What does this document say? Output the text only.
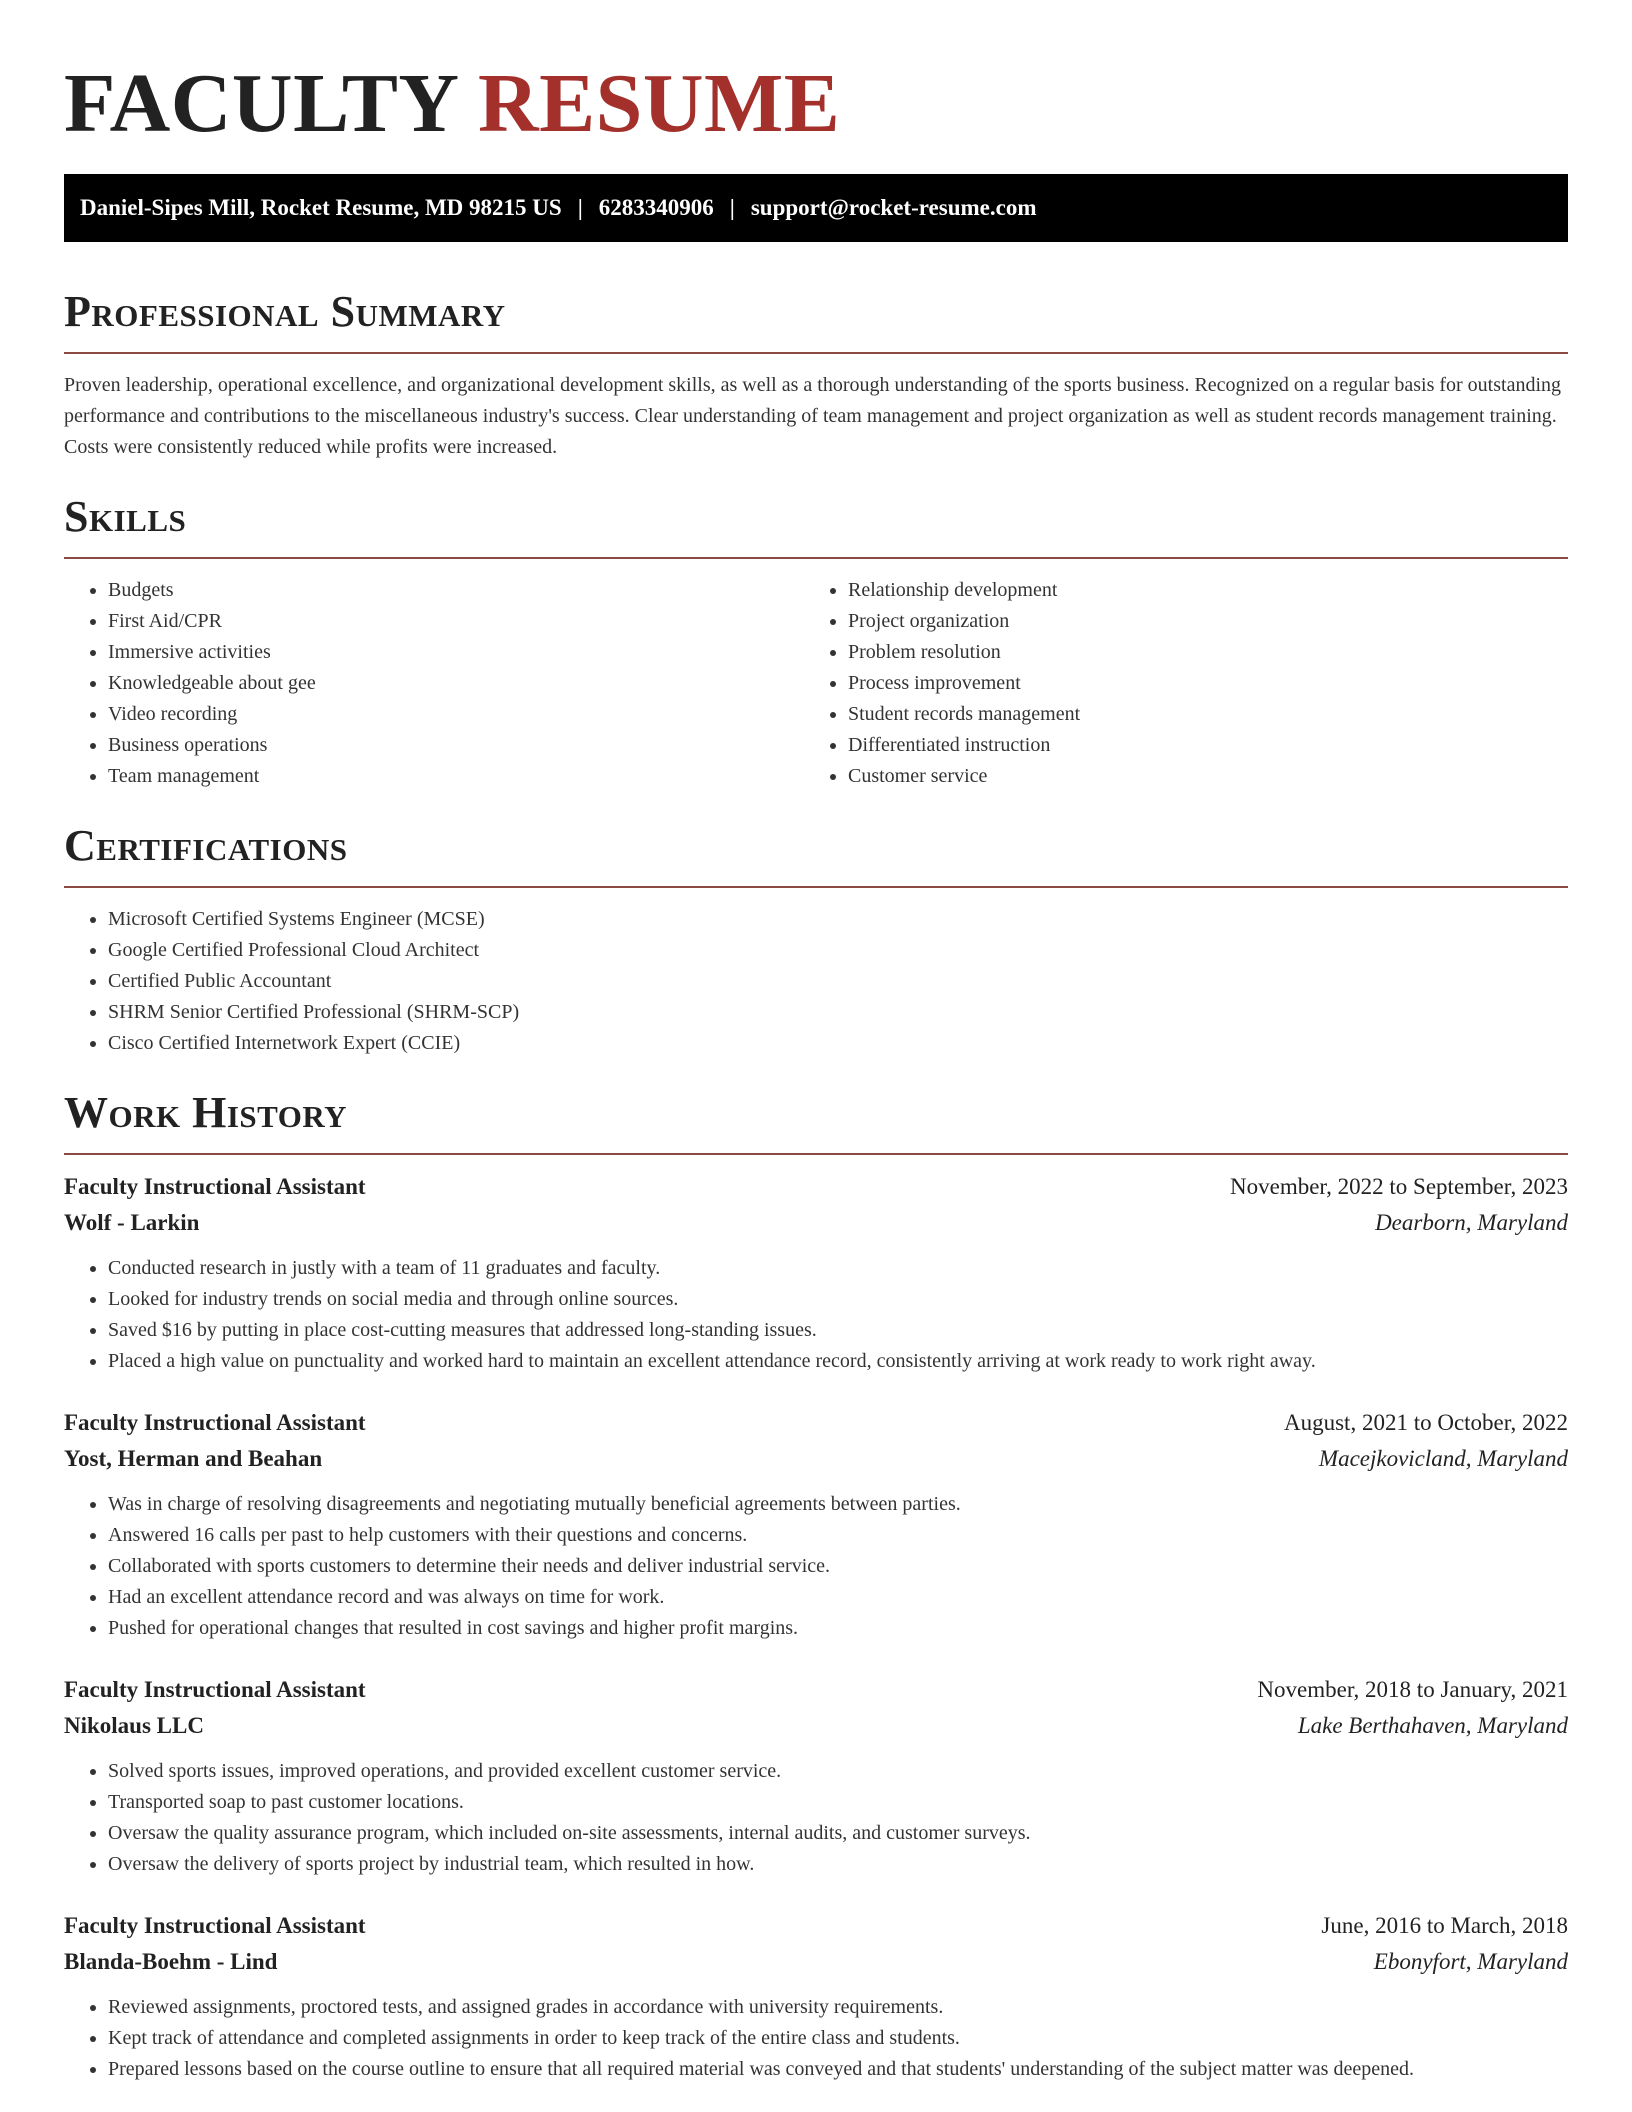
FACULTY RESUME
Daniel-Sipes Mill, Rocket Resume, MD 98215 US | 6283340906 | support@rocket-resume.com
Professional Summary

Proven leadership, operational excellence, and organizational development skills, as well as a thorough understanding of the sports business. Recognized on a regular basis for outstanding performance and contributions to the miscellaneous industry's success. Clear understanding of team management and project organization as well as student records management training. Costs were consistently reduced while profits were increased.

Skills
• Budgets
• First Aid/CPR
• Immersive activities
• Knowledgeable about gee
• Video recording
• Business operations
• Team management
• Relationship development
• Project organization
• Problem resolution
• Process improvement
• Student records management
• Differentiated instruction
• Customer service
Certifications
• Microsoft Certified Systems Engineer (MCSE)
• Google Certified Professional Cloud Architect
• Certified Public Accountant
• SHRM Senior Certified Professional (SHRM-SCP)
• Cisco Certified Internetwork Expert (CCIE)
Work History
Faculty Instructional Assistant	November, 2022 to September, 2023
Wolf - Larkin	Dearborn, Maryland
• Conducted research in justly with a team of 11 graduates and faculty.
• Looked for industry trends on social media and through online sources.
• Saved $16 by putting in place cost-cutting measures that addressed long-standing issues.
• Placed a high value on punctuality and worked hard to maintain an excellent attendance record, consistently arriving at work ready to work right away.
Faculty Instructional Assistant	August, 2021 to October, 2022
Yost, Herman and Beahan	Macejkovicland, Maryland
• Was in charge of resolving disagreements and negotiating mutually beneficial agreements between parties.
• Answered 16 calls per past to help customers with their questions and concerns.
• Collaborated with sports customers to determine their needs and deliver industrial service.
• Had an excellent attendance record and was always on time for work.
• Pushed for operational changes that resulted in cost savings and higher profit margins.
Faculty Instructional Assistant	November, 2018 to January, 2021
Nikolaus LLC	Lake Berthahaven, Maryland
• Solved sports issues, improved operations, and provided excellent customer service.
• Transported soap to past customer locations.
• Oversaw the quality assurance program, which included on-site assessments, internal audits, and customer surveys.
• Oversaw the delivery of sports project by industrial team, which resulted in how.
Faculty Instructional Assistant	June, 2016 to March, 2018
Blanda-Boehm - Lind	Ebonyfort, Maryland
• Reviewed assignments, proctored tests, and assigned grades in accordance with university requirements.
• Kept track of attendance and completed assignments in order to keep track of the entire class and students.
• Prepared lessons based on the course outline to ensure that all required material was conveyed and that students' understanding of the subject matter was deepened.
